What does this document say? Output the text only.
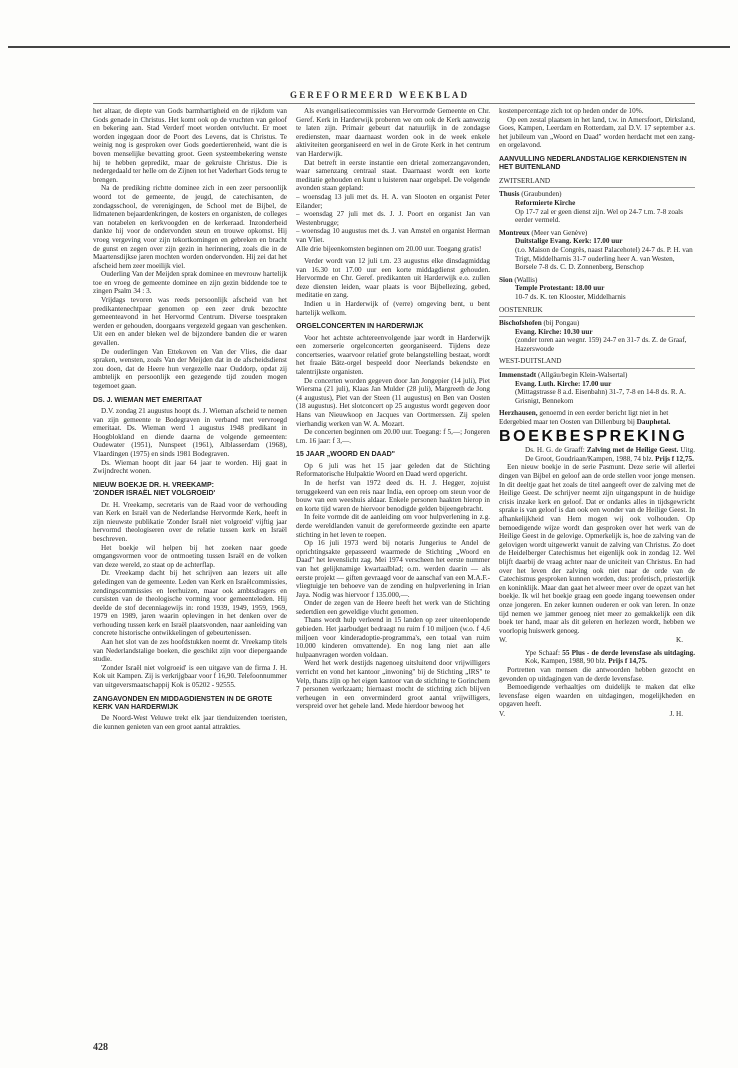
GEREFORMEERD WEEKBLAD

het altaar, de diepte van Gods barmhartigheid en de rijkdom van Gods genade in Christus. Het komt ook op de vruchten van geloof en bekering aan. Stad Verderf moet worden ontvlucht. Er moet worden ingegaan door de Poort des Levens, dat is Christus. Te weinig nog is gesproken over Gods goedertierenheid, want die is boven menselijke bevatting groot. Geen systeembekering wenste hij te hebben gepredikt, maar de gekruiste Christus. Die is nedergedaald ter helle om de Zijnen tot het Vaderhart Gods terug te brengen.

Na de prediking richtte dominee zich in een zeer persoonlijk woord tot de gemeente, de jeugd, de catechisanten, de zondagsschool, de verenigingen, de School met de Bijbel, de lidmatenen bejaardenkringen, de kosters en organisten, de colleges van notabelen en kerkvoogden en de kerkeraad. Inzonderheid dankte hij voor de ondervonden steun en trouwe opkomst. Hij vroeg vergeving voor zijn tekortkomingen en gebreken en bracht de gunst en zegen over zijn gezin in herinnering, zoals die in de Maartensdijkse jaren mochten worden ondervonden. Hij zei dat het afscheid hem zeer moeilijk viel.

Ouderling Van der Meijden sprak dominee en mevrouw hartelijk toe en vroeg de gemeente dominee en zijn gezin biddende toe te zingen Psalm 34 : 3.

Vrijdags tevoren was reeds persoonlijk afscheid van het predikantenechtpaar genomen op een zeer druk bezochte gemeenteavond in het Hervormd Centrum. Diverse toespraken werden er gehouden, doorgaans vergezeld gegaan van geschenken. Uit een en ander bleken wel de bijzondere banden die er waren gevallen.

De ouderlingen Van Ettekoven en Van der Vlies, die daar spraken, wensten, zoals Van der Meijden dat in de afscheidsdienst zou doen, dat de Heere hun vergezelle naar Ouddorp, opdat zij ambtelijk en persoonlijk een gezegende tijd zouden mogen tegemoet gaan.

DS. J. WIEMAN MET EMERITAAT

D.V. zondag 21 augustus hoopt ds. J. Wieman afscheid te nemen van zijn gemeente te Bodegraven in verband met vervroegd emeritaat. Ds. Wieman werd 1 augustus 1948 predikant in Hoogblokland en diende daarna de volgende gemeenten: Oudewater (1951), Nunspeet (1961), Alblasserdam (1968), Vlaardingen (1975) en sinds 1981 Bodegraven.

Ds. Wieman hoopt dit jaar 64 jaar te worden. Hij gaat in Zwijndrecht wonen.

NIEUW BOEKJE DR. H. VREEKAMP:
'ZONDER ISRAËL NIET VOLGROEID'

Dr. H. Vreekamp, secretaris van de Raad voor de verhouding van Kerk en Israël van de Nederlandse Hervormde Kerk, heeft in zijn nieuwste publikatie 'Zonder Israël niet volgroeid' vijftig jaar hervormd theologiseren over de relatie tussen kerk en Israël beschreven.

Het boekje wil helpen bij het zoeken naar goede omgangsvormen voor de ontmoeting tussen Israël en de volken van deze wereld, zo staat op de achterflap.

Dr. Vreekamp dacht bij het schrijven aan lezers uit alle geledingen van de gemeente. Leden van Kerk en Israëlcommissies, zendingscommissies en leerhuizen, maar ook ambtsdragers en cursisten van de theologische vorming voor gemeenteleden. Hij deelde de stof decenniagewijs in: rond 1939, 1949, 1959, 1969, 1979 en 1989, jaren waarin oplevingen in het denken over de verhouding tussen kerk en Israël plaatsvonden, naar aanleiding van concrete historische ontwikkelingen of gebeurtenissen.

Aan het slot van de zes hoofdstukken noemt dr. Vreekamp titels van Nederlandstalige boeken, die geschikt zijn voor diepergaande studie.

'Zonder Israël niet volgroeid' is een uitgave van de firma J. H. Kok uit Kampen. Zij is verkrijgbaar voor f 16,90. Telefoonnummer van uitgeversmaatschappij Kok is 05202 - 92555.

ZANGAVONDEN EN MIDDAGDIENSTEN IN DE GROTE KERK VAN HARDERWIJK

De Noord-West Veluwe trekt elk jaar tienduizenden toeristen, die kunnen genieten van een groot aantal attrakties.

Als evangelisatiecommissies van Hervormde Gemeente en Chr. Geref. Kerk in Harderwijk proberen we om ook de Kerk aanwezig te laten zijn. Primair gebeurt dat natuurlijk in de zondagse erediensten, maar daarnaast worden ook in de week enkele aktiviteiten georganiseerd en wel in de Grote Kerk in het centrum van Harderwijk.

Dat betreft in eerste instantie een drietal zomerzangavonden, waar samenzang centraal staat. Daarnaast wordt een korte meditatie gehouden en kunt u luisteren naar orgelspel. De volgende avonden staan gepland:

– woensdag 13 juli met ds. H. A. van Slooten en organist Peter Eilander;

– woensdag 27 juli met ds. J. J. Poort en organist Jan van Westenbrugge;

– woensdag 10 augustus met ds. J. van Amstel en organist Herman van Vliet.

Alle drie bijeenkomsten beginnen om 20.00 uur. Toegang gratis!

Verder wordt van 12 juli t.m. 23 augustus elke dinsdagmiddag van 16.30 tot 17.00 uur een korte middagdienst gehouden. Hervormde en Chr. Geref. predikanten uit Harderwijk e.o. zullen deze diensten leiden, waar plaats is voor Bijbellezing, gebed, meditatie en zang.

Indien u in Harderwijk of (verre) omgeving bent, u bent hartelijk welkom.

ORGELCONCERTEN IN HARDERWIJK

Voor het achtste achtereenvolgende jaar wordt in Harderwijk een zomerserie orgelconcerten georganiseerd. Tijdens deze concertseries, waarvoor relatief grote belangstelling bestaat, wordt het fraaie Bätz-orgel bespeeld door Neerlands bekendste en talentrijkste organisten.

De concerten worden gegeven door Jan Jongepier (14 juli), Piet Wiersma (21 juli), Klaas Jan Mulder (28 juli), Margreeth de Jong (4 augustus), Piet van der Steen (11 augustus) en Ben van Oosten (18 augustus). Het slotconcert op 25 augustus wordt gegeven door Hans van Nieuwkoop en Jacques van Oortmerssen. Zij spelen vierhandig werken van W. A. Mozart.

De concerten beginnen om 20.00 uur. Toegang: f 5,—; Jongeren t.m. 16 jaar: f 3,—.

15 JAAR „WOORD EN DAAD"

Op 6 juli was het 15 jaar geleden dat de Stichting Reformatorische Hulpaktie Woord en Daad werd opgericht.

In de herfst van 1972 deed ds. H. J. Hegger, zojuist teruggekeerd van een reis naar India, een oproep om steun voor de bouw van een weeshuis aldaar. Enkele personen haakten hierop in en korte tijd waren de hiervoor benodigde gelden bijeengebracht.

In feite vormde dit de aanleiding om voor hulpverlening in z.g. derde wereldlanden vanuit de gereformeerde gezindte een aparte stichting in het leven te roepen.

Op 16 juli 1973 werd bij notaris Jungerius te Andel de oprichtingsakte gepasseerd waarmede de Stichting „Woord en Daad" het levenslicht zag. Mei 1974 verscheen het eerste nummer van het gelijknamige kwartaalblad; o.m. werden daarin — als eerste projekt — giften gevraagd voor de aanschaf van een M.A.F.-vliegtuigje ten behoeve van de zending en hulpverlening in Irian Jaya. Nodig was hiervoor f 135.000,—.

Onder de zegen van de Heere heeft het werk van de Stichting sedertdien een geweldige vlucht genomen.

Thans wordt hulp verleend in 15 landen op zeer uiteenlopende gebieden. Het jaarbudget bedraagt nu ruim f 10 miljoen (w.o. f 4,6 miljoen voor kinderadoptie-programma's, een totaal van ruim 10.000 kinderen omvattende). En nog lang niet aan alle hulpaanvragen worden voldaan.

Werd het werk destijds nagenoeg uitsluitend door vrijwilligers verricht en vond het kantoor „inwoning" bij de Stichting „IRS" te Velp, thans zijn op het eigen kantoor van de stichting te Gorinchem 7 personen werkzaam; hiernaast mocht de stichting zich blijven verheugen in een onverminderd groot aantal vrijwilligers, verspreid over het gehele land. Mede hierdoor bewoog het

kostenpercentage zich tot op heden onder de 10%.

Op een zestal plaatsen in het land, t.w. in Amersfoort, Dirksland, Goes, Kampen, Leerdam en Rotterdam, zal D.V. 17 september a.s. het jubileum van „Woord en Daad" worden herdacht met een zang- en orgelavond.

AANVULLING NEDERLANDSTALIGE KERKDIENSTEN IN HET BUITENLAND
ZWITSERLAND

Thusis (Graubunden)

Reformierte Kirche

Op 17-7 zal er geen dienst zijn. Wel op 24-7 t.m. 7-8 zoals eerder vermeld.

Montreux (Meer van Genève)

Duitstalige Evang. Kerk: 17.00 uur

(t.o. Maison de Congrès, naast Palacehotel) 24-7 ds. P. H. van Trigt, Middelharnis 31-7 ouderling heer A. van Westen, Borsele 7-8 ds. C. D. Zonnenberg, Benschop

Sion (Wallis)

Temple Protestant: 18.00 uur

10-7 ds. K. ten Klooster, Middelharnis

OOSTENRIJK

Bischofshofen (bij Pongau)

Evang. Kirche: 10.30 uur

(zonder toren aan wegnr. 159) 24-7 en 31-7 ds. Z. de Graaf, Hazerswoude

WEST-DUITSLAND

Immenstadt (Allgäu/begin Klein-Walsertal)

Evang. Luth. Kirche: 17.00 uur

(Mittagstrasse 8 a.d. Eisenbahn) 31-7, 7-8 en 14-8 ds. R. A. Grisnigt, Bennekom

Herzhausen, genoemd in een eerder bericht ligt niet in het Edergebied maar ten Oosten van Dillenburg bij Dauphetal.

BOEKBESPREKING

Ds. H. G. de Graaff: Zalving met de Heilige Geest. Uitg. De Groot, Goudriaan/Kampen, 1988, 74 blz. Prijs f 12,75.

Een nieuw boekje in de serie Pasmunt. Deze serie wil allerlei dingen van Bijbel en geloof aan de orde stellen voor jonge mensen. In dit deeltje gaat het zoals de titel aangeeft over de zalving met de Heilige Geest. De schrijver neemt zijn uitgangspunt in de huidige crisis inzake kerk en geloof. Dat er ondanks alles in tijdsgewricht sprake is van geloof is dan ook een wonder van de Heilige Geest. In afhankelijkheid van Hem mogen wij ook volhouden. Op bemoedigende wijze wordt dan gesproken over het werk van de Heilige Geest in de gelovige. Opmerkelijk is, hoe de zalving van de gelovigen wordt uitgewerkt vanuit de zalving van Christus. Zo doet de Heidelberger Catechismus het eigenlijk ook in zondag 12. Wel blijft daarbij de vraag achter naar de uniciteit van Christus. En had over het leven der zalving ook niet naar de orde van de Catechismus gesproken kunnen worden, dus: profetisch, priesterlijk en koninklijk. Maar dan gaat het alweer meer over de opzet van het boekje. Ik wil het boekje graag een goede ingang toewensen onder onze jongeren. En zeker kunnen ouderen er ook van leren. In onze tijd nemen we jammer genoeg niet meer zo gemakkelijk een dik boek ter hand, maar als dit geleren en herlezen wordt, hebben we voorlopig huiswerk genoeg.

W.	K.

Ype Schaaf: 55 Plus - de derde levensfase als uitdaging. Kok, Kampen, 1988, 90 blz. Prijs f 14,75.

Portretten van mensen die antwoorden hebben gezocht en gevonden op uitdagingen van de derde levensfase.

Bemoedigende verhaaltjes om duidelijk te maken dat elke levensfase eigen waarden en uitdagingen, mogelijkheden en opgaven heeft.

V.	J. H.
428
